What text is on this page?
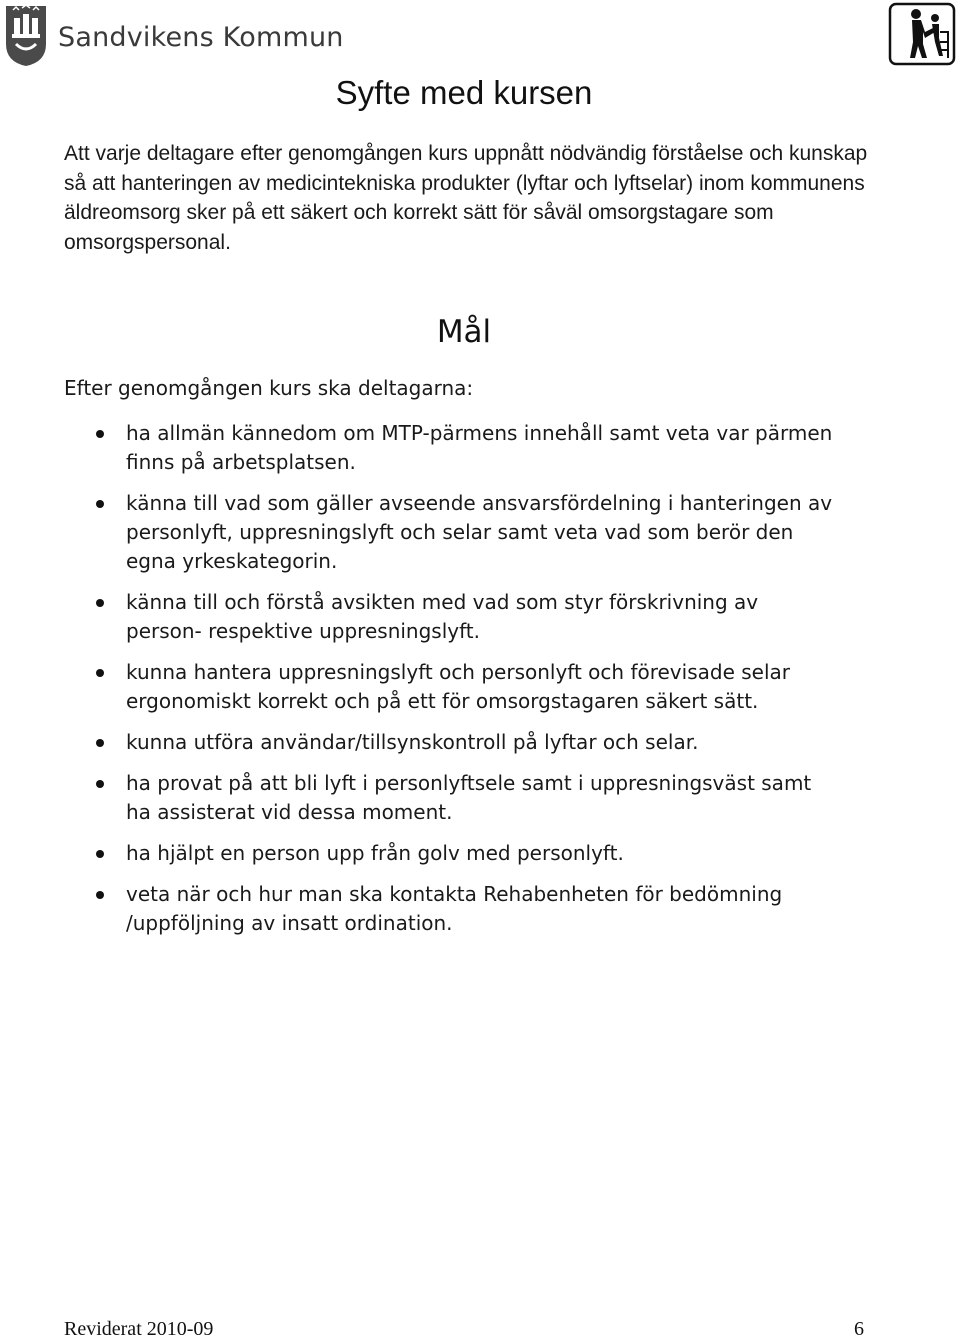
Sandvikens Kommun
Syfte med kursen
Att varje deltagare efter genomgången kurs uppnått nödvändig förståelse och kunskap så att hanteringen av medicintekniska produkter (lyftar och lyftselar) inom kommunens äldreomsorg sker på ett säkert och korrekt sätt för såväl omsorgstagare som omsorgspersonal.
Mål
Efter genomgången kurs ska deltagarna:
ha allmän kännedom om MTP-pärmens innehåll samt veta var pärmen finns på arbetsplatsen.
känna till vad som gäller avseende ansvarsfördelning i hanteringen av personlyft, uppresningslyft och selar samt veta vad som berör den egna yrkeskategorin.
känna till och förstå avsikten med vad som styr förskrivning av person- respektive uppresningslyft.
kunna hantera uppresningslyft och personlyft och förevisade selar ergonomiskt korrekt och på ett för omsorgstagaren säkert sätt.
kunna utföra användar/tillsynskontroll på lyftar och selar.
ha provat på att bli lyft i personlyftsele samt i uppresningsväst samt ha assisterat vid dessa moment.
ha hjälpt en person upp från golv med personlyft.
veta när och hur man ska kontakta Rehabenheten för bedömning /uppföljning av insatt ordination.
Reviderat 2010-09	6
